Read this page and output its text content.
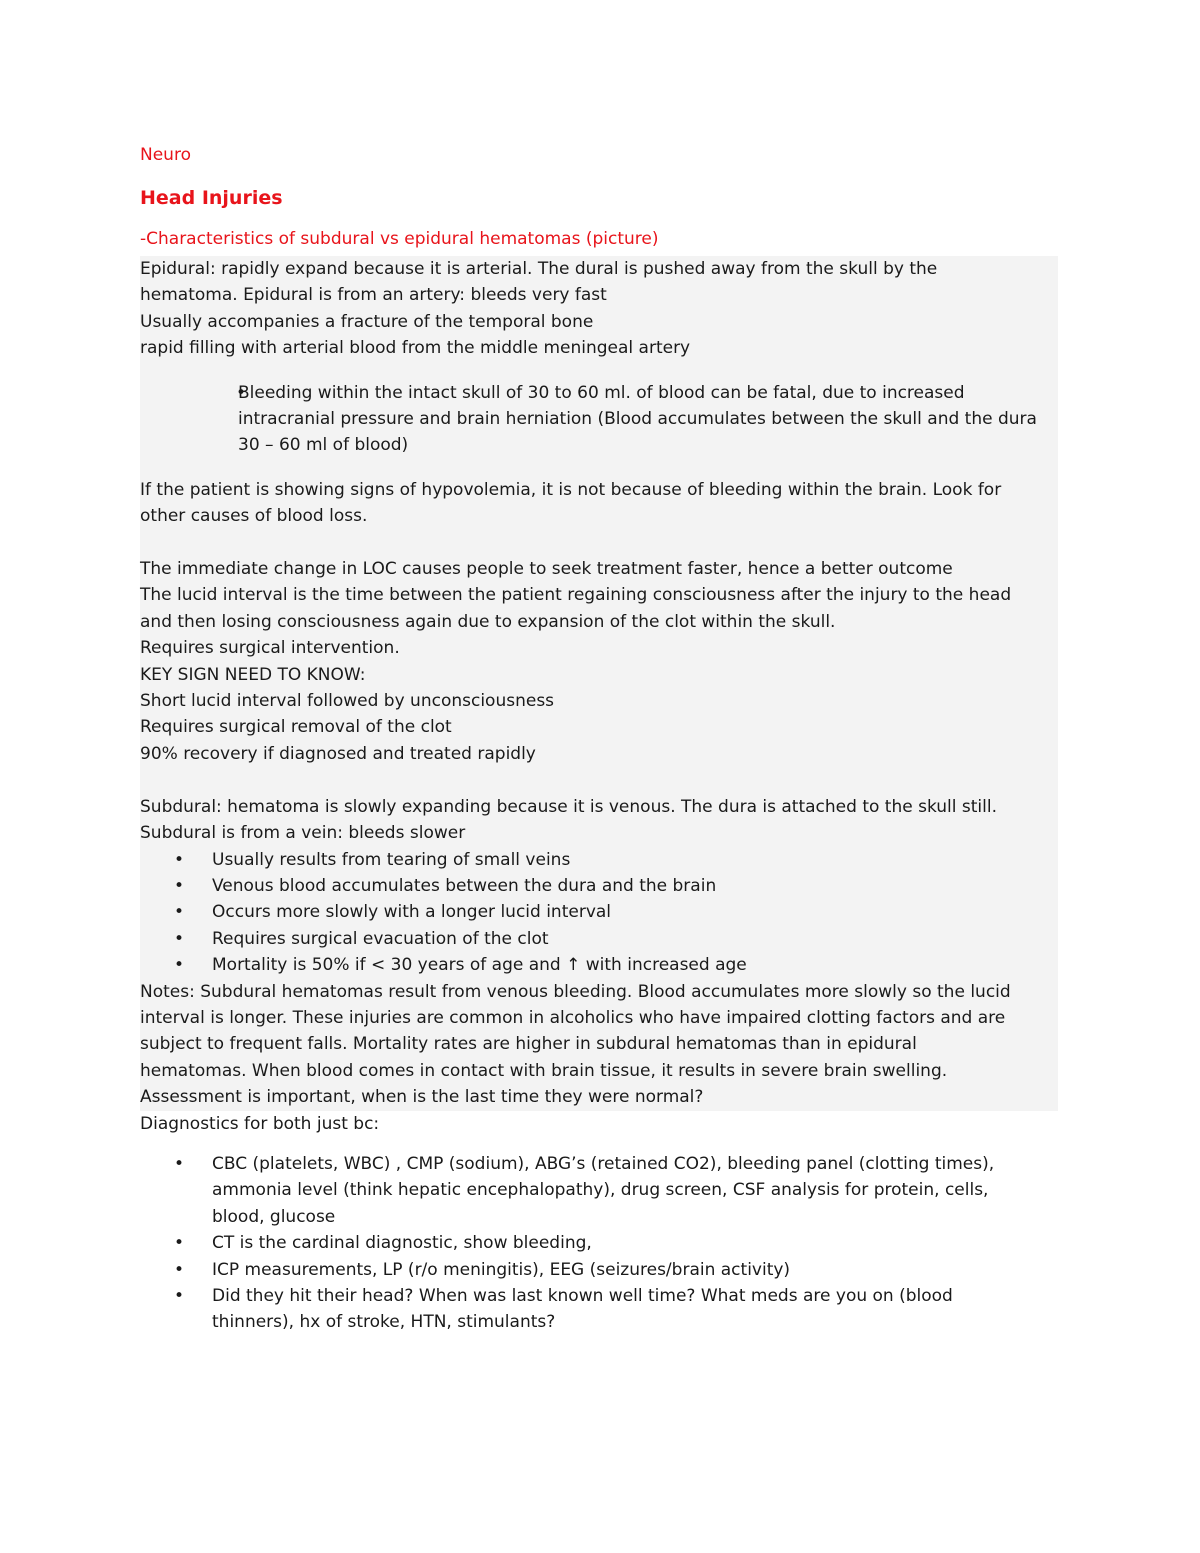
Neuro

Head Injuries

-Characteristics of subdural vs epidural hematomas (picture)

Epidural: rapidly expand because it is arterial. The dural is pushed away from the skull by the

hematoma. Epidural is from an artery: bleeds very fast

Usually accompanies a fracture of the temporal bone

rapid filling with arterial blood from the middle meningeal artery

• Bleeding within the intact skull of 30 to 60 ml. of blood can be fatal, due to increased
intracranial pressure and brain herniation (Blood accumulates between the skull and the dura
30 – 60 ml of blood)

If the patient is showing signs of hypovolemia, it is not because of bleeding within the brain. Look for

other causes of blood loss.

The immediate change in LOC causes people to seek treatment faster, hence a better outcome

The lucid interval is the time between the patient regaining consciousness after the injury to the head

and then losing consciousness again due to expansion of the clot within the skull.

Requires surgical intervention.

KEY SIGN NEED TO KNOW:

Short lucid interval followed by unconsciousness

Requires surgical removal of the clot

90% recovery if diagnosed and treated rapidly

Subdural: hematoma is slowly expanding because it is venous. The dura is attached to the skull still.

Subdural is from a vein: bleeds slower

• Usually results from tearing of small veins
• Venous blood accumulates between the dura and the brain
• Occurs more slowly with a longer lucid interval
• Requires surgical evacuation of the clot
• Mortality is 50% if < 30 years of age and ↑ with increased age

Notes: Subdural hematomas result from venous bleeding. Blood accumulates more slowly so the lucid

interval is longer. These injuries are common in alcoholics who have impaired clotting factors and are

subject to frequent falls. Mortality rates are higher in subdural hematomas than in epidural

hematomas. When blood comes in contact with brain tissue, it results in severe brain swelling.

Assessment is important, when is the last time they were normal?

Diagnostics for both just bc:

• CBC (platelets, WBC) , CMP (sodium), ABG’s (retained CO2), bleeding panel (clotting times),
ammonia level (think hepatic encephalopathy), drug screen, CSF analysis for protein, cells,
blood, glucose
• CT is the cardinal diagnostic, show bleeding,
• ICP measurements, LP (r/o meningitis), EEG (seizures/brain activity)
• Did they hit their head? When was last known well time? What meds are you on (blood
thinners), hx of stroke, HTN, stimulants?
